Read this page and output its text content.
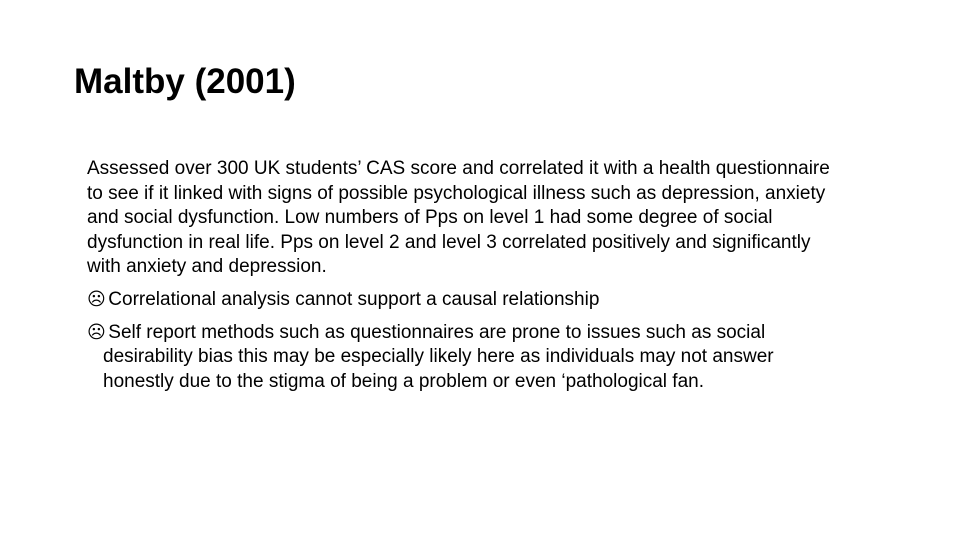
Maltby (2001)

Assessed over 300 UK students’ CAS score and correlated it with a health questionnaire to see if it linked with signs of possible psychological illness such as depression, anxiety and social dysfunction. Low numbers of Pps on level 1 had some degree of social dysfunction in real life. Pps on level 2 and level 3 correlated positively and significantly with anxiety and depression.

☹ Correlational analysis cannot support a causal relationship

☹ Self report methods such as questionnaires are prone to issues such as social desirability bias this may be especially likely here as individuals may not answer honestly due to the stigma of being a problem or even ‘pathological fan.
